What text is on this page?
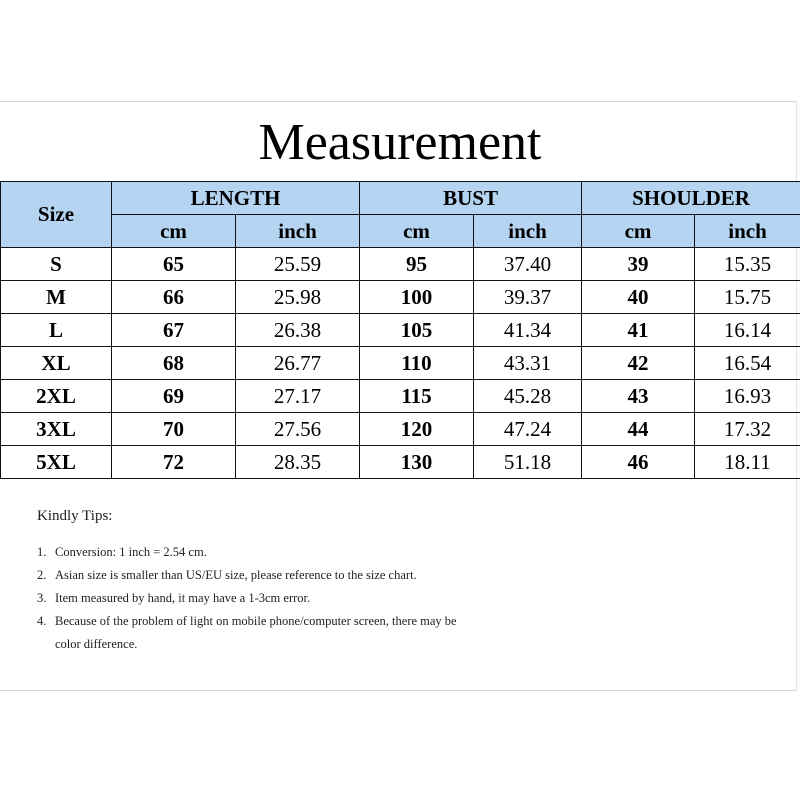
Measurement
Size	LENGTH		BUST		SHOULDER	
	cm	inch	cm	inch	cm	inch
S	65	25.59	95	37.40	39	15.35
M	66	25.98	100	39.37	40	15.75
L	67	26.38	105	41.34	41	16.14
XL	68	26.77	110	43.31	42	16.54
2XL	69	27.17	115	45.28	43	16.93
3XL	70	27.56	120	47.24	44	17.32
5XL	72	28.35	130	51.18	46	18.11
Kindly Tips:
1. Conversion: 1 inch = 2.54 cm.
2. Asian size is smaller than US/EU size, please reference to the size chart.
3. Item measured by hand, it may have a 1-3cm error.
4. Because of the problem of light on mobile phone/computer screen, there may be color difference.
